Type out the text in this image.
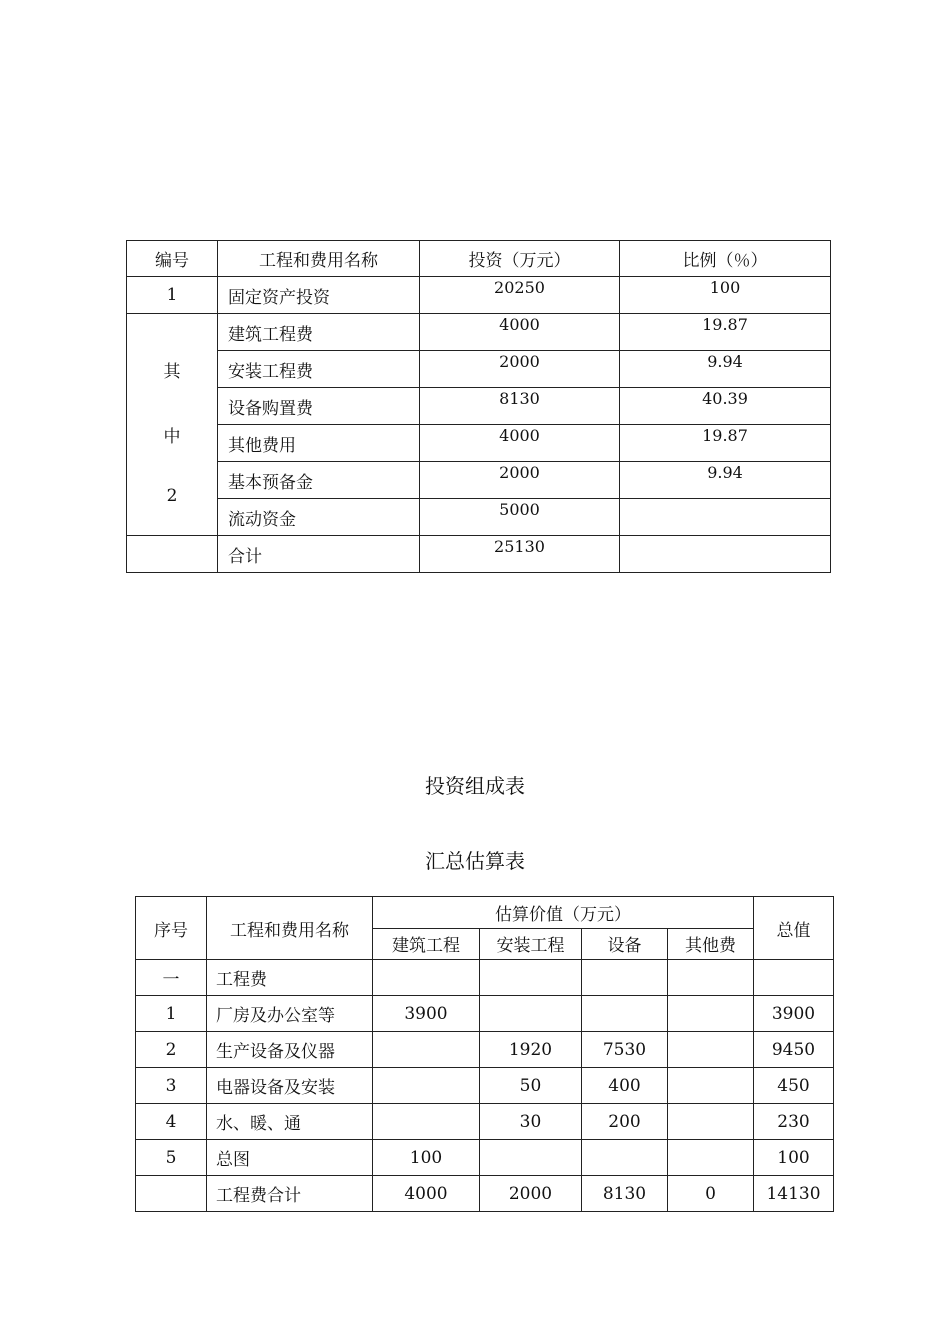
编号	工程和费用名称	投资（万元）	比例（％）
1	固定资产投资	20250	100

其
中
2	建筑工程费	4000	19.87
	安装工程费	2000	9.94
	设备购置费	8130	40.39
	其他费用	4000	19.87
	基本预备金	2000	9.94
	流动资金	5000	
	合计	25130	
投资组成表
汇总估算表
序号	工程和费用名称	估算价值（万元）				总值
		建筑工程	安装工程	设备	其他费	
一	工程费					
1	厂房及办公室等	3900				3900
2	生产设备及仪器		1920	7530		9450
3	电器设备及安装		50	400		450
4	水、暖、通		30	200		230
5	总图	100				100
	工程费合计	4000	2000	8130	0	14130
